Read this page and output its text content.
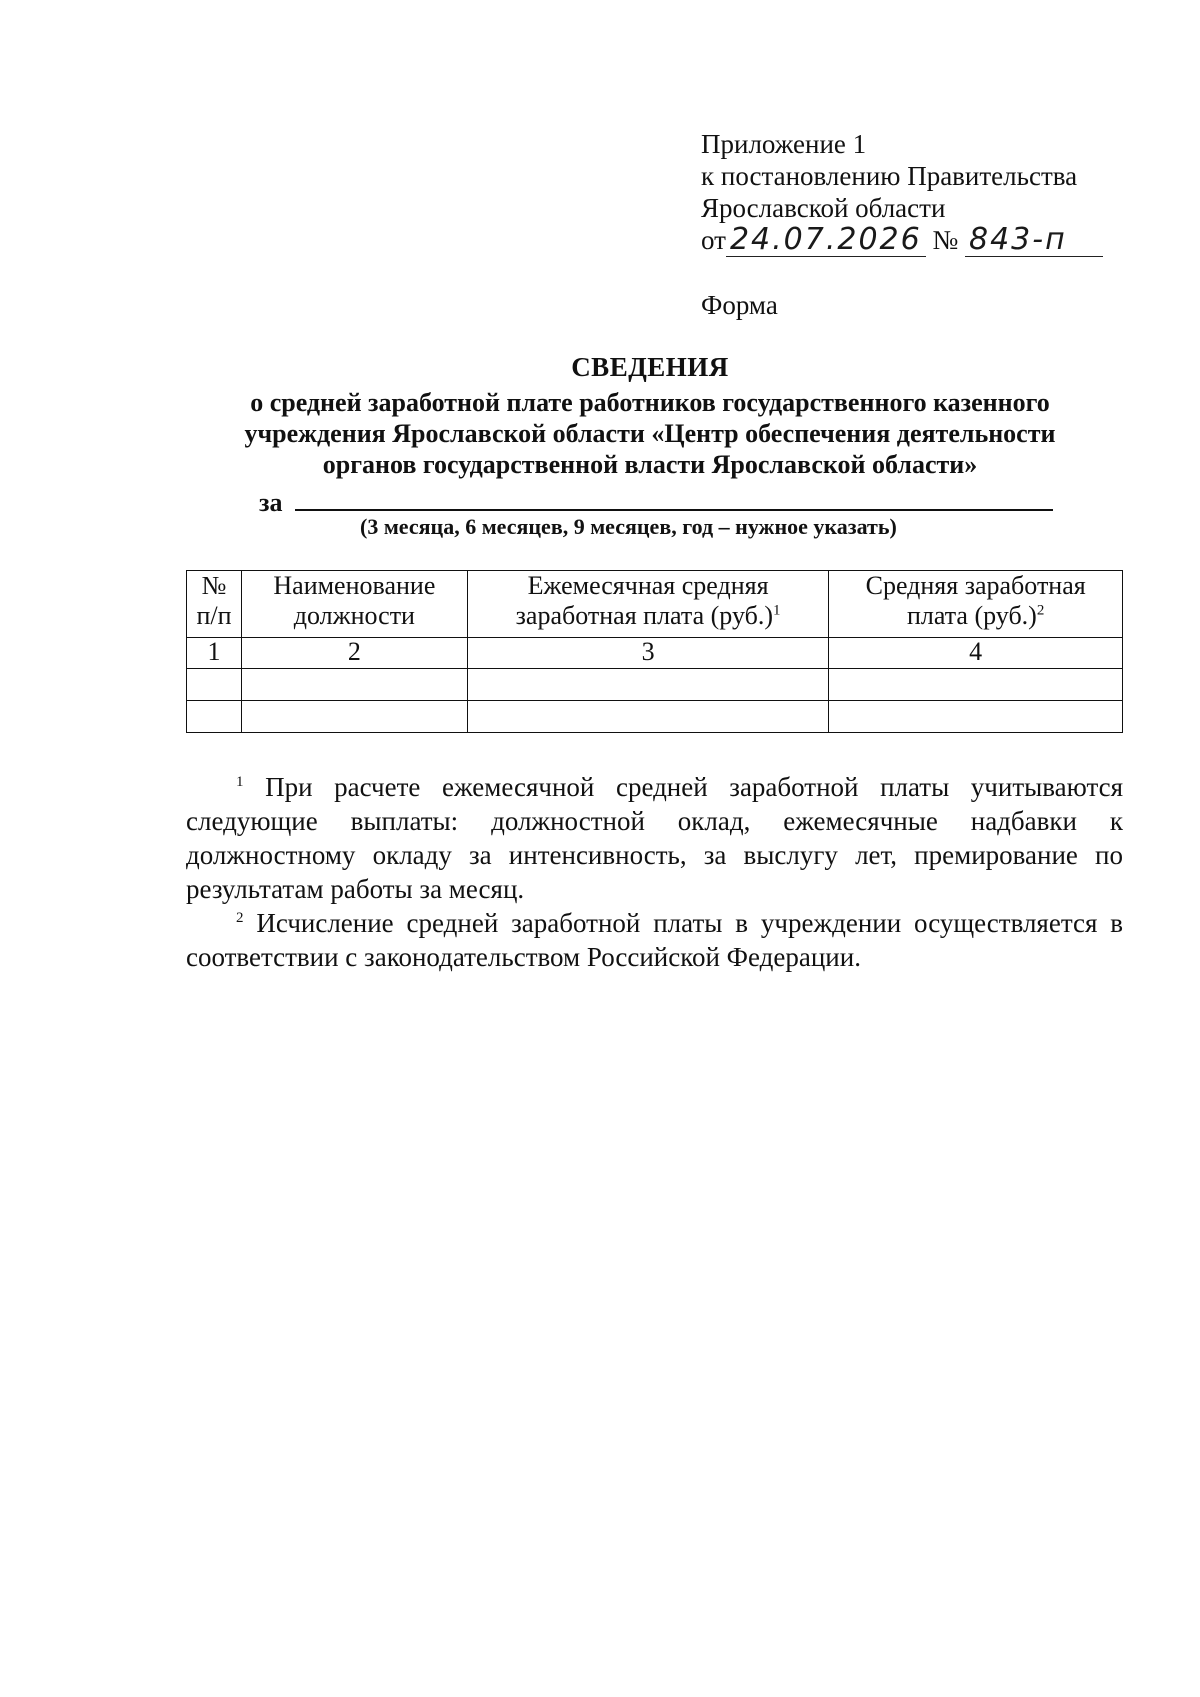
Приложение 1
к постановлению Правительства
Ярославской области
от 24.07.2026 № 843-п
Форма
СВЕДЕНИЯ
о средней заработной плате работников государственного казенного
учреждения Ярославской области «Центр обеспечения деятельности
органов государственной власти Ярославской области»
за
(3 месяца, 6 месяцев, 9 месяцев, год – нужное указать)
№ п/п	Наименование должности	Ежемесячная средняя заработная плата $(руб.)^1$	Средняя заработная плата $(руб.)^2$
1	2	3	4

$^1$ При расчете ежемесячной средней заработной платы учитываются следующие выплаты: должностной оклад, ежемесячные надбавки к должностному окладу за интенсивность, за выслугу лет, премирование по результатам работы за месяц.

$^2$ Исчисление средней заработной платы в учреждении осуществляется в соответствии с законодательством Российской Федерации.
